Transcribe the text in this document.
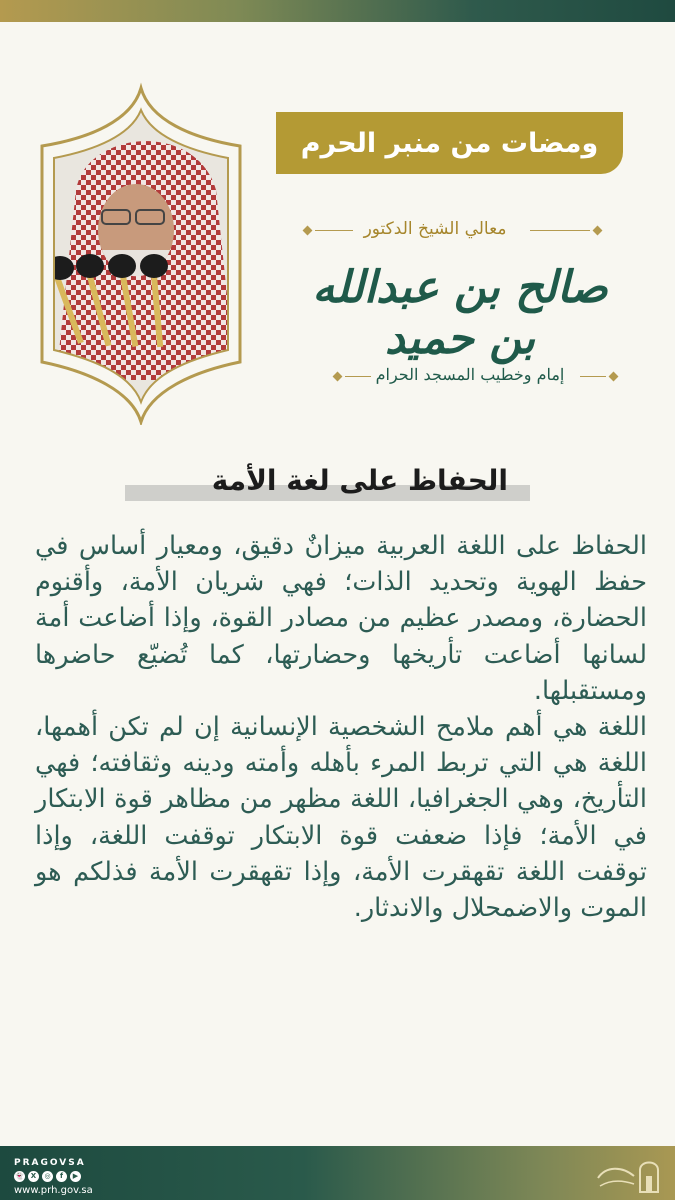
ومضات من منبر الحرم
معالي الشيخ الدكتور
صالح بن عبدالله بن حميد
إمام وخطيب المسجد الحرام
الحفاظ على لغة الأمة

الحفاظ على اللغة العربية ميزانٌ دقيق، ومعيار أساس في حفظ الهوية وتحديد الذات؛ فهي شريان الأمة، وأقنوم الحضارة، ومصدر عظيم من مصادر القوة، وإذا أضاعت أمة لسانها أضاعت تأريخها وحضارتها، كما تُضيّع حاضرها ومستقبلها.

اللغة هي أهم ملامح الشخصية الإنسانية إن لم تكن أهمها، اللغة هي التي تربط المرء بأهله وأمته ودينه وثقافته؛ فهي التأريخ، وهي الجغرافيا، اللغة مظهر من مظاهر قوة الابتكار في الأمة؛ فإذا ضعفت قوة الابتكار توقفت اللغة، وإذا توقفت اللغة تقهقرت الأمة، وإذا تقهقرت الأمة فذلكم هو الموت والاضمحلال والاندثار.

PRAGOVSA
👻 X	◎	f	▶
www.prh.gov.sa
